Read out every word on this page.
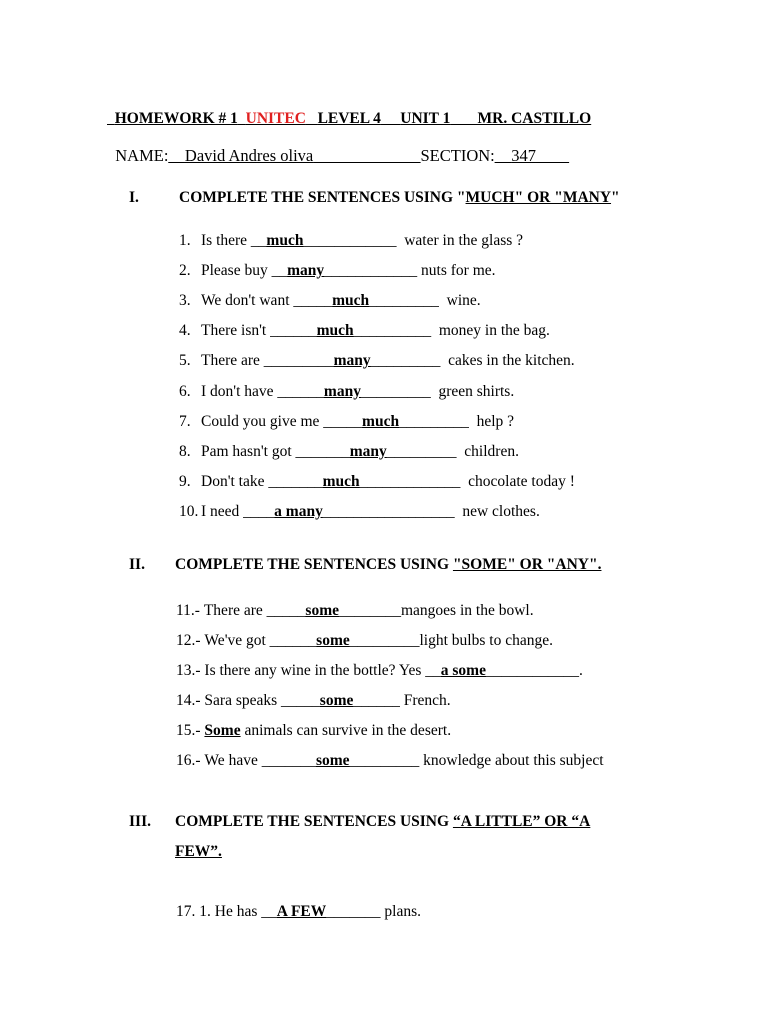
HOMEWORK # 1 UNITEC LEVEL 4 UNIT 1 MR. CASTILLO

NAME:__David Andres oliva_____________SECTION:__347____

I.	COMPLETE THE SENTENCES USING "MUCH" OR "MANY"
1. Is there __much____________  water in the glass ?
2. Please buy __many____________ nuts for me.
3. We don't want _____much_________  wine.
4. There isn't ______much__________  money in the bag.
5. There are _________many_________  cakes in the kitchen.
6. I don't have ______many_________  green shirts.
7. Could you give me _____much_________  help ?
8. Pam hasn't got _______many_________  children.
9. Don't take _______much_____________  chocolate today !
10. I need ____a many_________________  new clothes.
II. COMPLETE THE SENTENCES USING "SOME" OR "ANY".
11.- There are _____some________mangoes in the bowl.
12.- We've got ______some_________light bulbs to change.
13.- Is there any wine in the bottle? Yes __a some____________.
14.- Sara speaks _____some______ French.
15.- Some animals can survive in the desert.
16.- We have _______some_________ knowledge about this subject
III. COMPLETE THE SENTENCES USING “A LITTLE” OR “A
FEW”.
17. 1. He has __A FEW_______ plans.
